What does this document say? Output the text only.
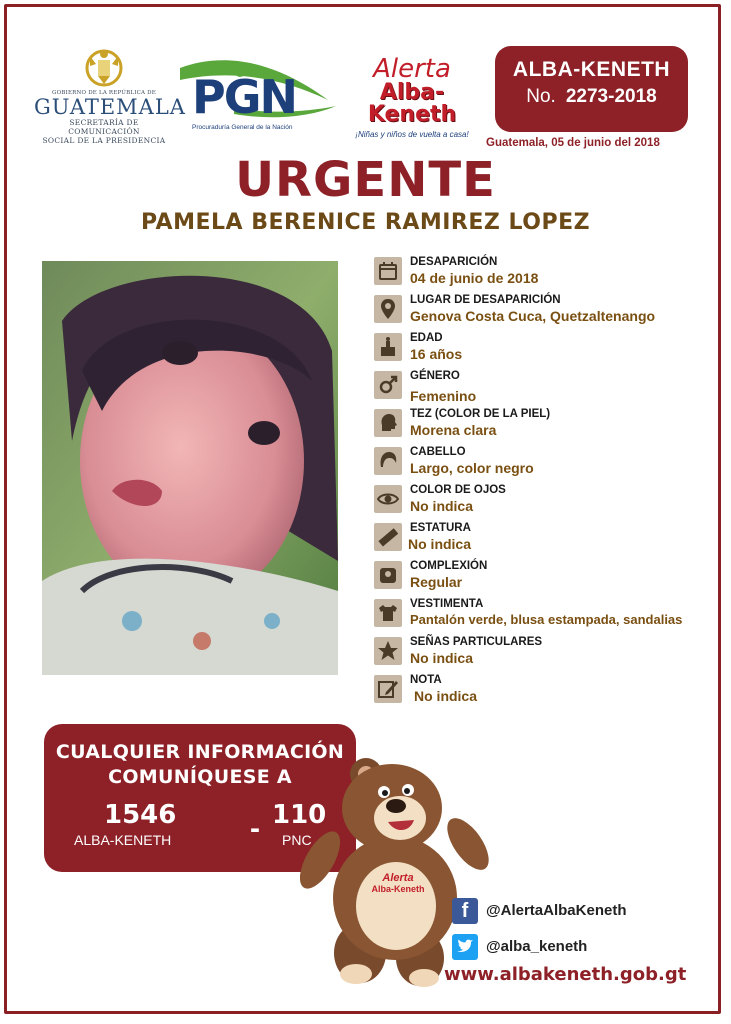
GOBIERNO DE LA REPÚBLICA DE
GUATEMALA
SECRETARÍA DE COMUNICACIÓN
SOCIAL DE LA PRESIDENCIA
PGN
Procuraduría General de la Nación
Alerta
Alba-Keneth
¡Niñas y niños de vuelta a casa!
ALBA-KENETH
No. 2273-2018
Guatemala, 05 de junio del 2018
URGENTE
PAMELA BERENICE RAMIREZ LOPEZ
DESAPARICIÓN
04 de junio de 2018
LUGAR DE DESAPARICIÓN
Genova Costa Cuca, Quetzaltenango
EDAD
16 años
GÉNERO
Femenino
TEZ (COLOR DE LA PIEL)
Morena clara
CABELLO
Largo, color negro
COLOR DE OJOS
No indica
ESTATURA
No indica
COMPLEXIÓN
Regular
VESTIMENTA
Pantalón verde, blusa estampada, sandalias
SEÑAS PARTICULARES
No indica
NOTA
No indica
CUALQUIER INFORMACIÓN
COMUNÍQUESE A
1546
ALBA-KENETH	- 110
PNC
Alerta
Alba-Keneth
f	@AlertaAlbaKeneth
@alba_keneth
www.albakeneth.gob.gt
